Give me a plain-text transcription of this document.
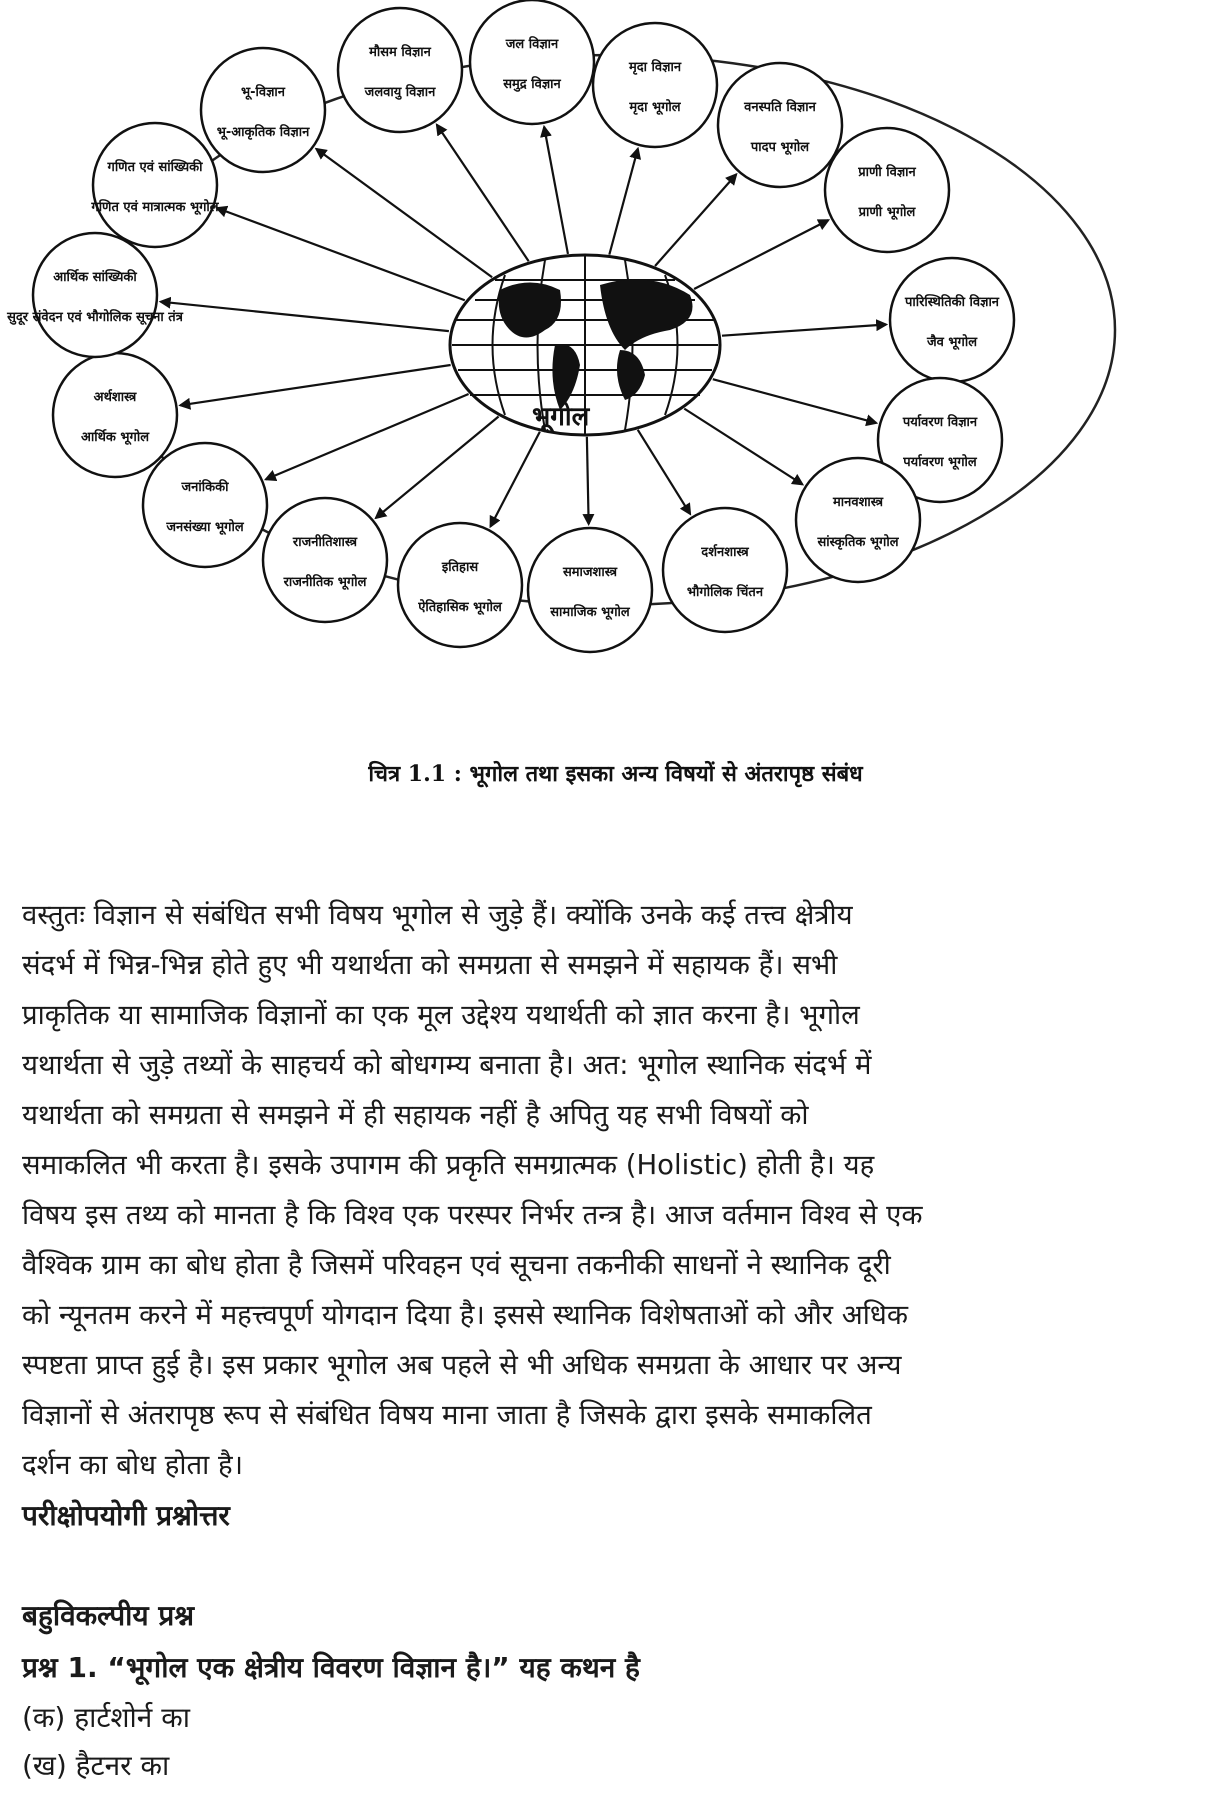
भूगोल
गणित एवं सांख्यिकी
गणित एवं मात्रात्मक भूगोल
भू-विज्ञान
भू-आकृतिक विज्ञान
मौसम विज्ञान
जलवायु विज्ञान
जल विज्ञान
समुद्र विज्ञान
मृदा विज्ञान
मृदा भूगोल	वनस्पति विज्ञान
पादप भूगोल
प्राणी विज्ञान
प्राणी भूगोल
पारिस्थितिकी विज्ञान
जैव भूगोल
पर्यावरण विज्ञान
पर्यावरण भूगोल
मानवशास्त्र
सांस्कृतिक भूगोल
दर्शनशास्त्र
भौगोलिक चिंतन
समाजशास्त्र
सामाजिक भूगोल
इतिहास
ऐतिहासिक भूगोल
राजनीतिशास्त्र
राजनीतिक भूगोल
जनांकिकी
जनसंख्या भूगोल
अर्थशास्त्र
आर्थिक भूगोल
आर्थिक सांख्यिकी
सुदूर संवेदन एवं भौगोलिक सूचना तंत्र
चित्र 1.1 : भूगोल तथा इसका अन्य विषयों से अंतरापृष्ठ संबंध

वस्तुतः विज्ञान से संबंधित सभी विषय भूगोल से जुड़े हैं। क्योंकि उनके कई तत्त्व क्षेत्रीय

संदर्भ में भिन्न-भिन्न होते हुए भी यथार्थता को समग्रता से समझने में सहायक हैं। सभी

प्राकृतिक या सामाजिक विज्ञानों का एक मूल उद्देश्य यथार्थती को ज्ञात करना है। भूगोल

यथार्थता से जुड़े तथ्यों के साहचर्य को बोधगम्य बनाता है। अत: भूगोल स्थानिक संदर्भ में

यथार्थता को समग्रता से समझने में ही सहायक नहीं है अपितु यह सभी विषयों को

समाकलित भी करता है। इसके उपागम की प्रकृति समग्रात्मक (Holistic) होती है। यह

विषय इस तथ्य को मानता है कि विश्व एक परस्पर निर्भर तन्त्र है। आज वर्तमान विश्व से एक

वैश्विक ग्राम का बोध होता है जिसमें परिवहन एवं सूचना तकनीकी साधनों ने स्थानिक दूरी

को न्यूनतम करने में महत्त्वपूर्ण योगदान दिया है। इससे स्थानिक विशेषताओं को और अधिक

स्पष्टता प्राप्त हुई है। इस प्रकार भूगोल अब पहले से भी अधिक समग्रता के आधार पर अन्य

विज्ञानों से अंतरापृष्ठ रूप से संबंधित विषय माना जाता है जिसके द्वारा इसके समाकलित

दर्शन का बोध होता है।

परीक्षोपयोगी प्रश्नोत्तर

बहुविकल्पीय प्रश्न

प्रश्न 1. “भूगोल एक क्षेत्रीय विवरण विज्ञान है।” यह कथन है

(क) हार्टशोर्न का

(ख) हैटनर का
